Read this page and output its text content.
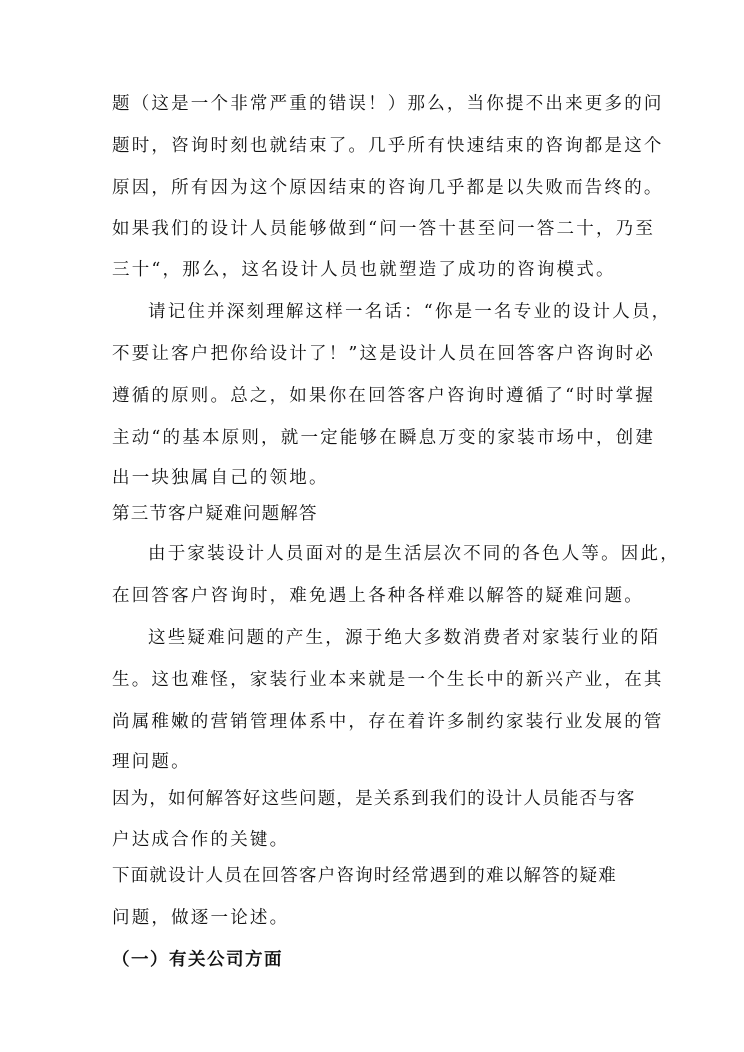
题（这是一个非常严重的错误！）那么，当你提不出来更多的问

题时，咨询时刻也就结束了。几乎所有快速结束的咨询都是这个

原因，所有因为这个原因结束的咨询几乎都是以失败而告终的。

如果我们的设计人员能够做到“问一答十甚至问一答二十，乃至

三十“，那么，这名设计人员也就塑造了成功的咨询模式。

请记住并深刻理解这样一名话：“你是一名专业的设计人员，

不要让客户把你给设计了！”这是设计人员在回答客户咨询时必

遵循的原则。总之，如果你在回答客户咨询时遵循了“时时掌握

主动“的基本原则，就一定能够在瞬息万变的家装市场中，创建

出一块独属自己的领地。

第三节客户疑难问题解答

由于家装设计人员面对的是生活层次不同的各色人等。因此，

在回答客户咨询时，难免遇上各种各样难以解答的疑难问题。

这些疑难问题的产生，源于绝大多数消费者对家装行业的陌

生。这也难怪，家装行业本来就是一个生长中的新兴产业，在其

尚属稚嫩的营销管理体系中，存在着许多制约家装行业发展的管

理问题。

因为，如何解答好这些问题，是关系到我们的设计人员能否与客

户达成合作的关键。

下面就设计人员在回答客户咨询时经常遇到的难以解答的疑难

问题，做逐一论述。

（一）有关公司方面
